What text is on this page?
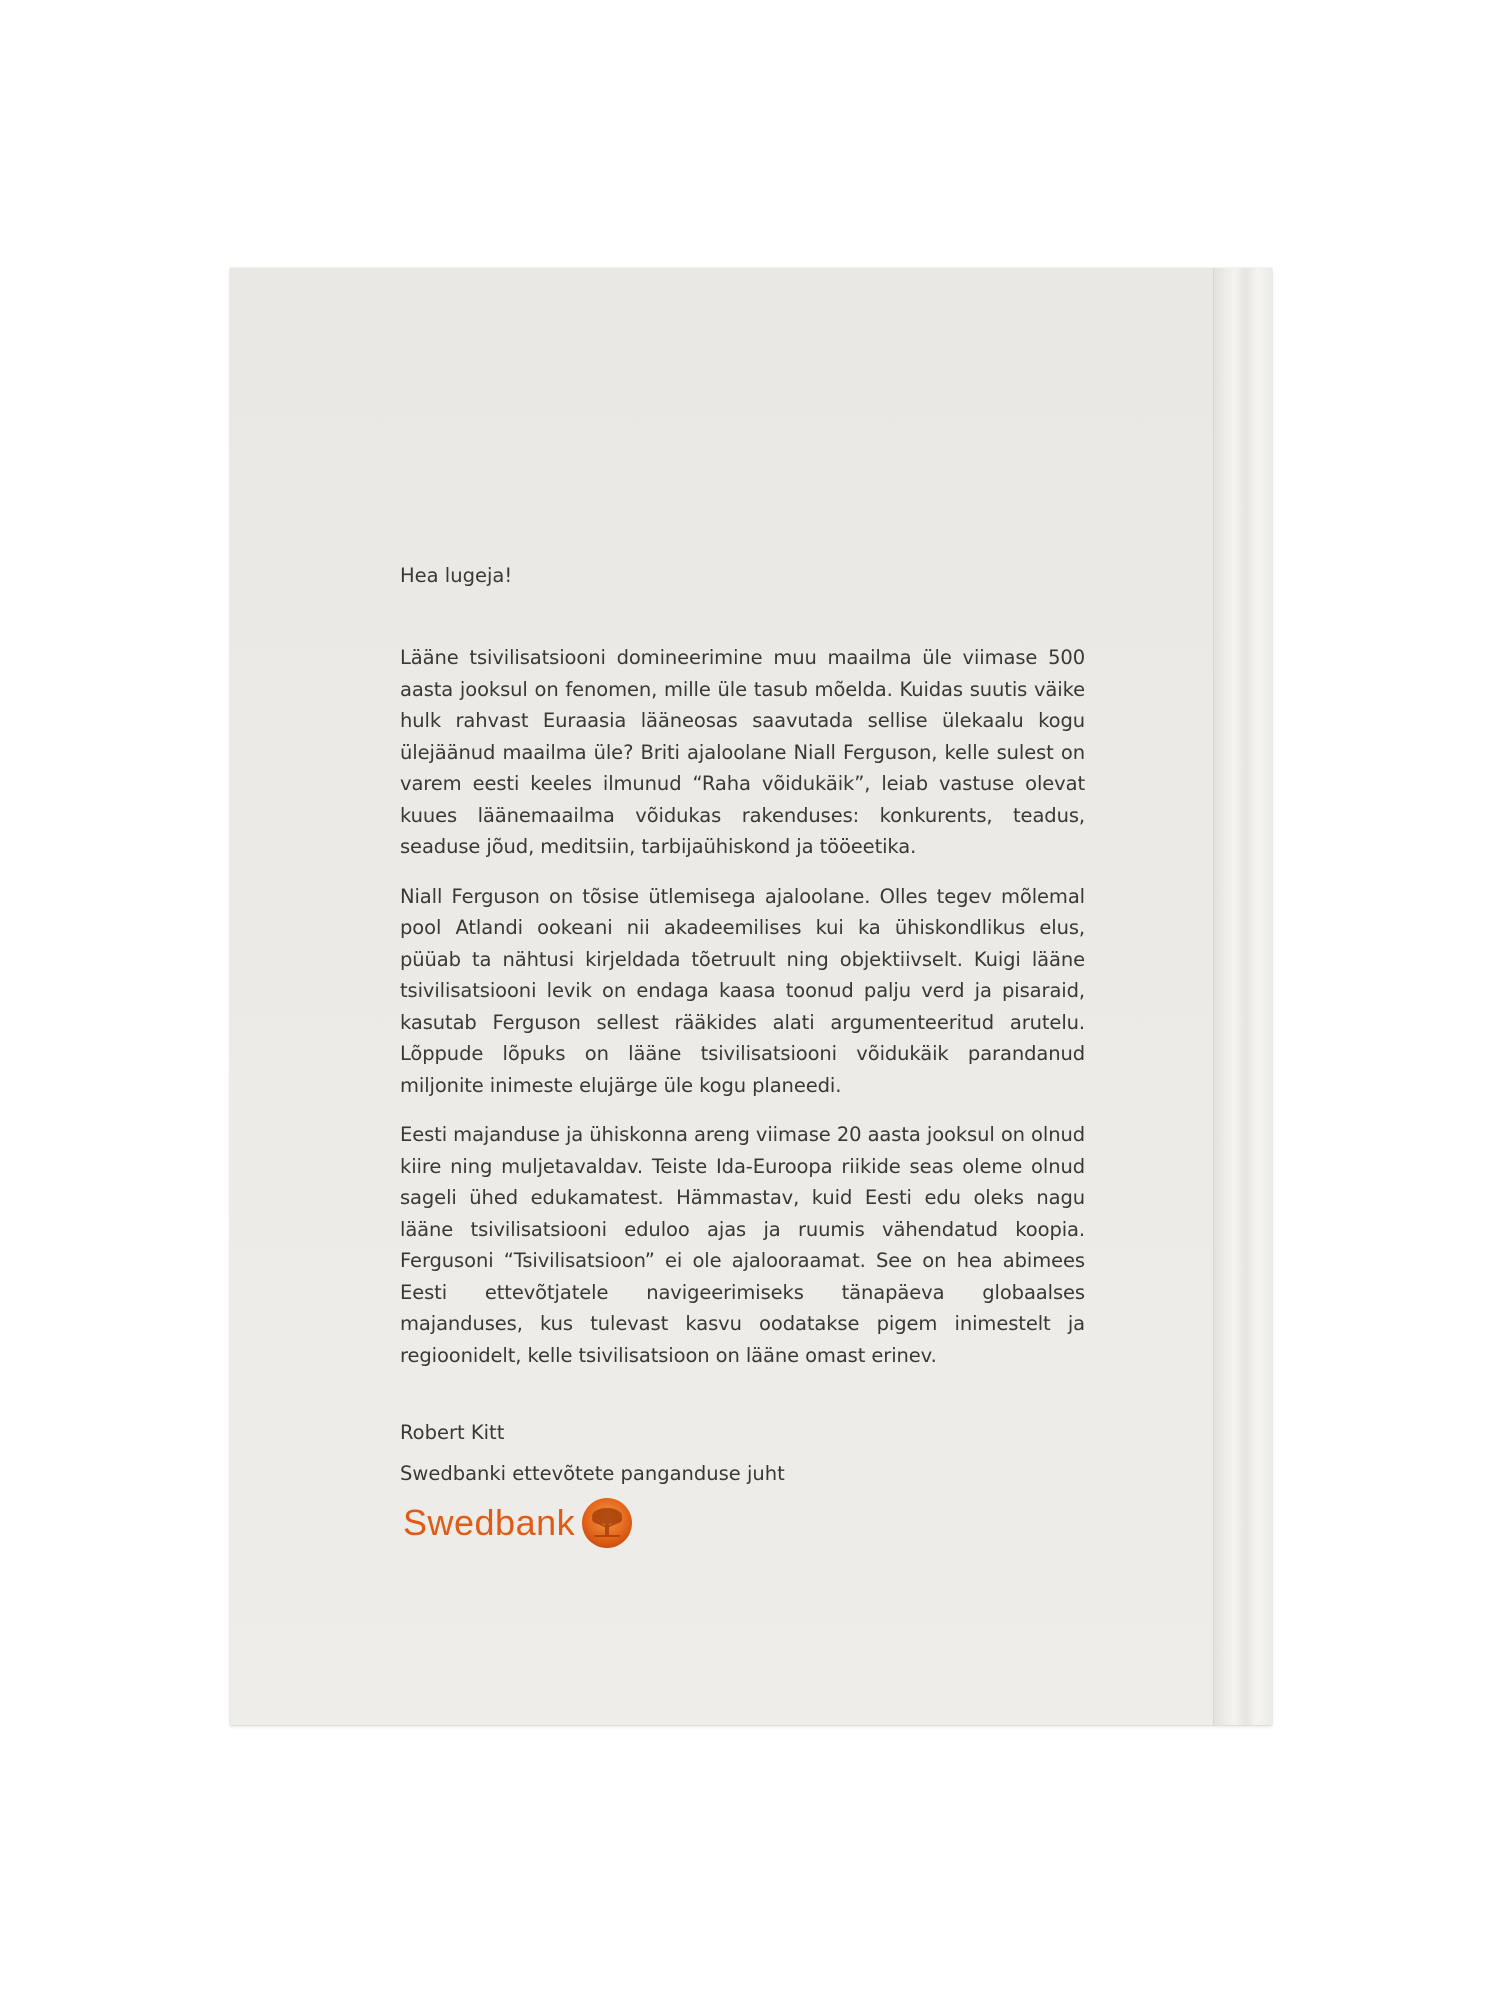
Hea lugeja!

Lääne tsivilisatsiooni domineerimine muu maailma üle viimase 500 aasta jooksul on fenomen, mille üle tasub mõelda. Kuidas suutis väike hulk rahvast Euraasia lääneosas saavutada sellise ülekaalu kogu ülejäänud maailma üle? Briti ajaloolane Niall Ferguson, kelle sulest on varem eesti keeles ilmunud “Raha võidukäik”, leiab vastuse olevat kuues läänemaailma võidukas rakenduses: konkurents, teadus, seaduse jõud, meditsiin, tarbijaühiskond ja tööeetika.

Niall Ferguson on tõsise ütlemisega ajaloolane. Olles tegev mõlemal pool Atlandi ookeani nii akadeemilises kui ka ühiskondlikus elus, püüab ta nähtusi kirjeldada tõetruult ning objektiivselt. Kuigi lääne tsivilisatsiooni levik on endaga kaasa toonud palju verd ja pisaraid, kasutab Ferguson sellest rääkides alati argumenteeritud arutelu. Lõppude lõpuks on lääne tsivilisatsiooni võidukäik parandanud miljonite inimeste elujärge üle kogu planeedi.

Eesti majanduse ja ühiskonna areng viimase 20 aasta jooksul on olnud kiire ning muljetavaldav. Teiste Ida-Euroopa riikide seas oleme olnud sageli ühed edukamatest. Hämmastav, kuid Eesti edu oleks nagu lääne tsivilisatsiooni eduloo ajas ja ruumis vähendatud koopia. Fergusoni “Tsivilisatsioon” ei ole ajalooraamat. See on hea abimees Eesti ettevõtjatele navigeerimiseks tänapäeva globaalses majanduses, kus tulevast kasvu oodatakse pigem inimestelt ja regioonidelt, kelle tsivilisatsioon on lääne omast erinev.

Robert Kitt

Swedbanki ettevõtete panganduse juht

Swedbank
